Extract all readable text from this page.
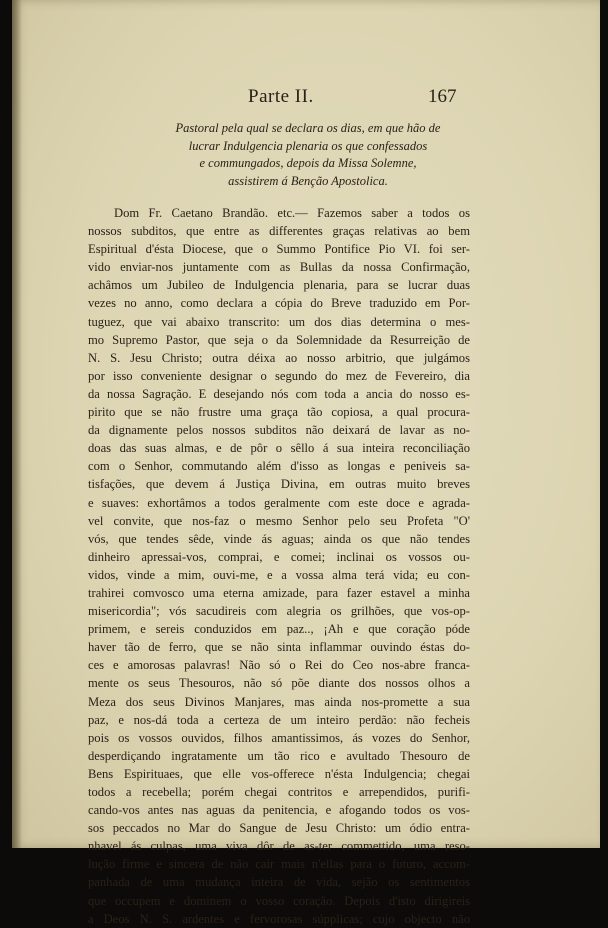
Parte II.	167
Pastoral pela qual se declara os dias, em que hão de
lucrar Indulgencia plenaria os que confessados
e commungados, depois da Missa Solemne,
assistirem á Benção Apostolica.
Dom Fr. Caetano Brandão. etc.— Fazemos saber a todos os
nossos subditos, que entre as differentes graças relativas ao bem
Espiritual d'ésta Diocese, que o Summo Pontifice Pio VI. foi ser-
vido enviar-nos juntamente com as Bullas da nossa Confirmação,
achâmos um Jubileo de Indulgencia plenaria, para se lucrar duas
vezes no anno, como declara a cópia do Breve traduzido em Por-
tuguez, que vai abaixo transcrito: um dos dias determina o mes-
mo Supremo Pastor, que seja o da Solemnidade da Resurreição de
N. S. Jesu Christo; outra déixa ao nosso arbitrio, que julgámos
por isso conveniente designar o segundo do mez de Fevereiro, dia
da nossa Sagração. E desejando nós com toda a ancia do nosso es-
pirito que se não frustre uma graça tão copiosa, a qual procura-
da dignamente pelos nossos subditos não deixará de lavar as no-
doas das suas almas, e de pôr o sêllo á sua inteira reconciliação
com o Senhor, commutando além d'isso as longas e peniveis sa-
tisfações, que devem á Justiça Divina, em outras muito breves
e suaves: exhortâmos a todos geralmente com este doce e agrada-
vel convite, que nos-faz o mesmo Senhor pelo seu Profeta "O'
vós, que tendes sêde, vinde ás aguas; ainda os que não tendes
dinheiro apressai-vos, comprai, e comei; inclinai os vossos ou-
vidos, vinde a mim, ouvi-me, e a vossa alma terá vida; eu con-
trahirei comvosco uma eterna amizade, para fazer estavel a minha
misericordia"; vós sacudireis com alegria os grilhões, que vos-op-
primem, e sereis conduzidos em paz.., ¡Ah e que coração póde
haver tão de ferro, que se não sinta inflammar ouvindo éstas do-
ces e amorosas palavras! Não só o Rei do Ceo nos-abre franca-
mente os seus Thesouros, não só põe diante dos nossos olhos a
Meza dos seus Divinos Manjares, mas ainda nos-promette a sua
paz, e nos-dá toda a certeza de um inteiro perdão: não fecheis
pois os vossos ouvidos, filhos amantissimos, ás vozes do Senhor,
desperdiçando ingratamente um tão rico e avultado Thesouro de
Bens Espirituaes, que elle vos-offerece n'ésta Indulgencia; chegai
todos a recebella; porém chegai contritos e arrependidos, purifi-
cando-vos antes nas aguas da penitencia, e afogando todos os vos-
sos peccados no Mar do Sangue de Jesu Christo: um ódio entra-
nhavel ás culpas, uma viva dôr de as-ter commettido, uma reso-
lução firme e sincera de não cair mais n'ellas para o futuro, accom-
panhada de uma mudança inteira de vida, sejão os sentimentos
que occupem e dominem o vosso coração. Depois d'isto dirigireis
a Deos N. S. ardentes e fervorosas súpplicas; cujo objecto não
